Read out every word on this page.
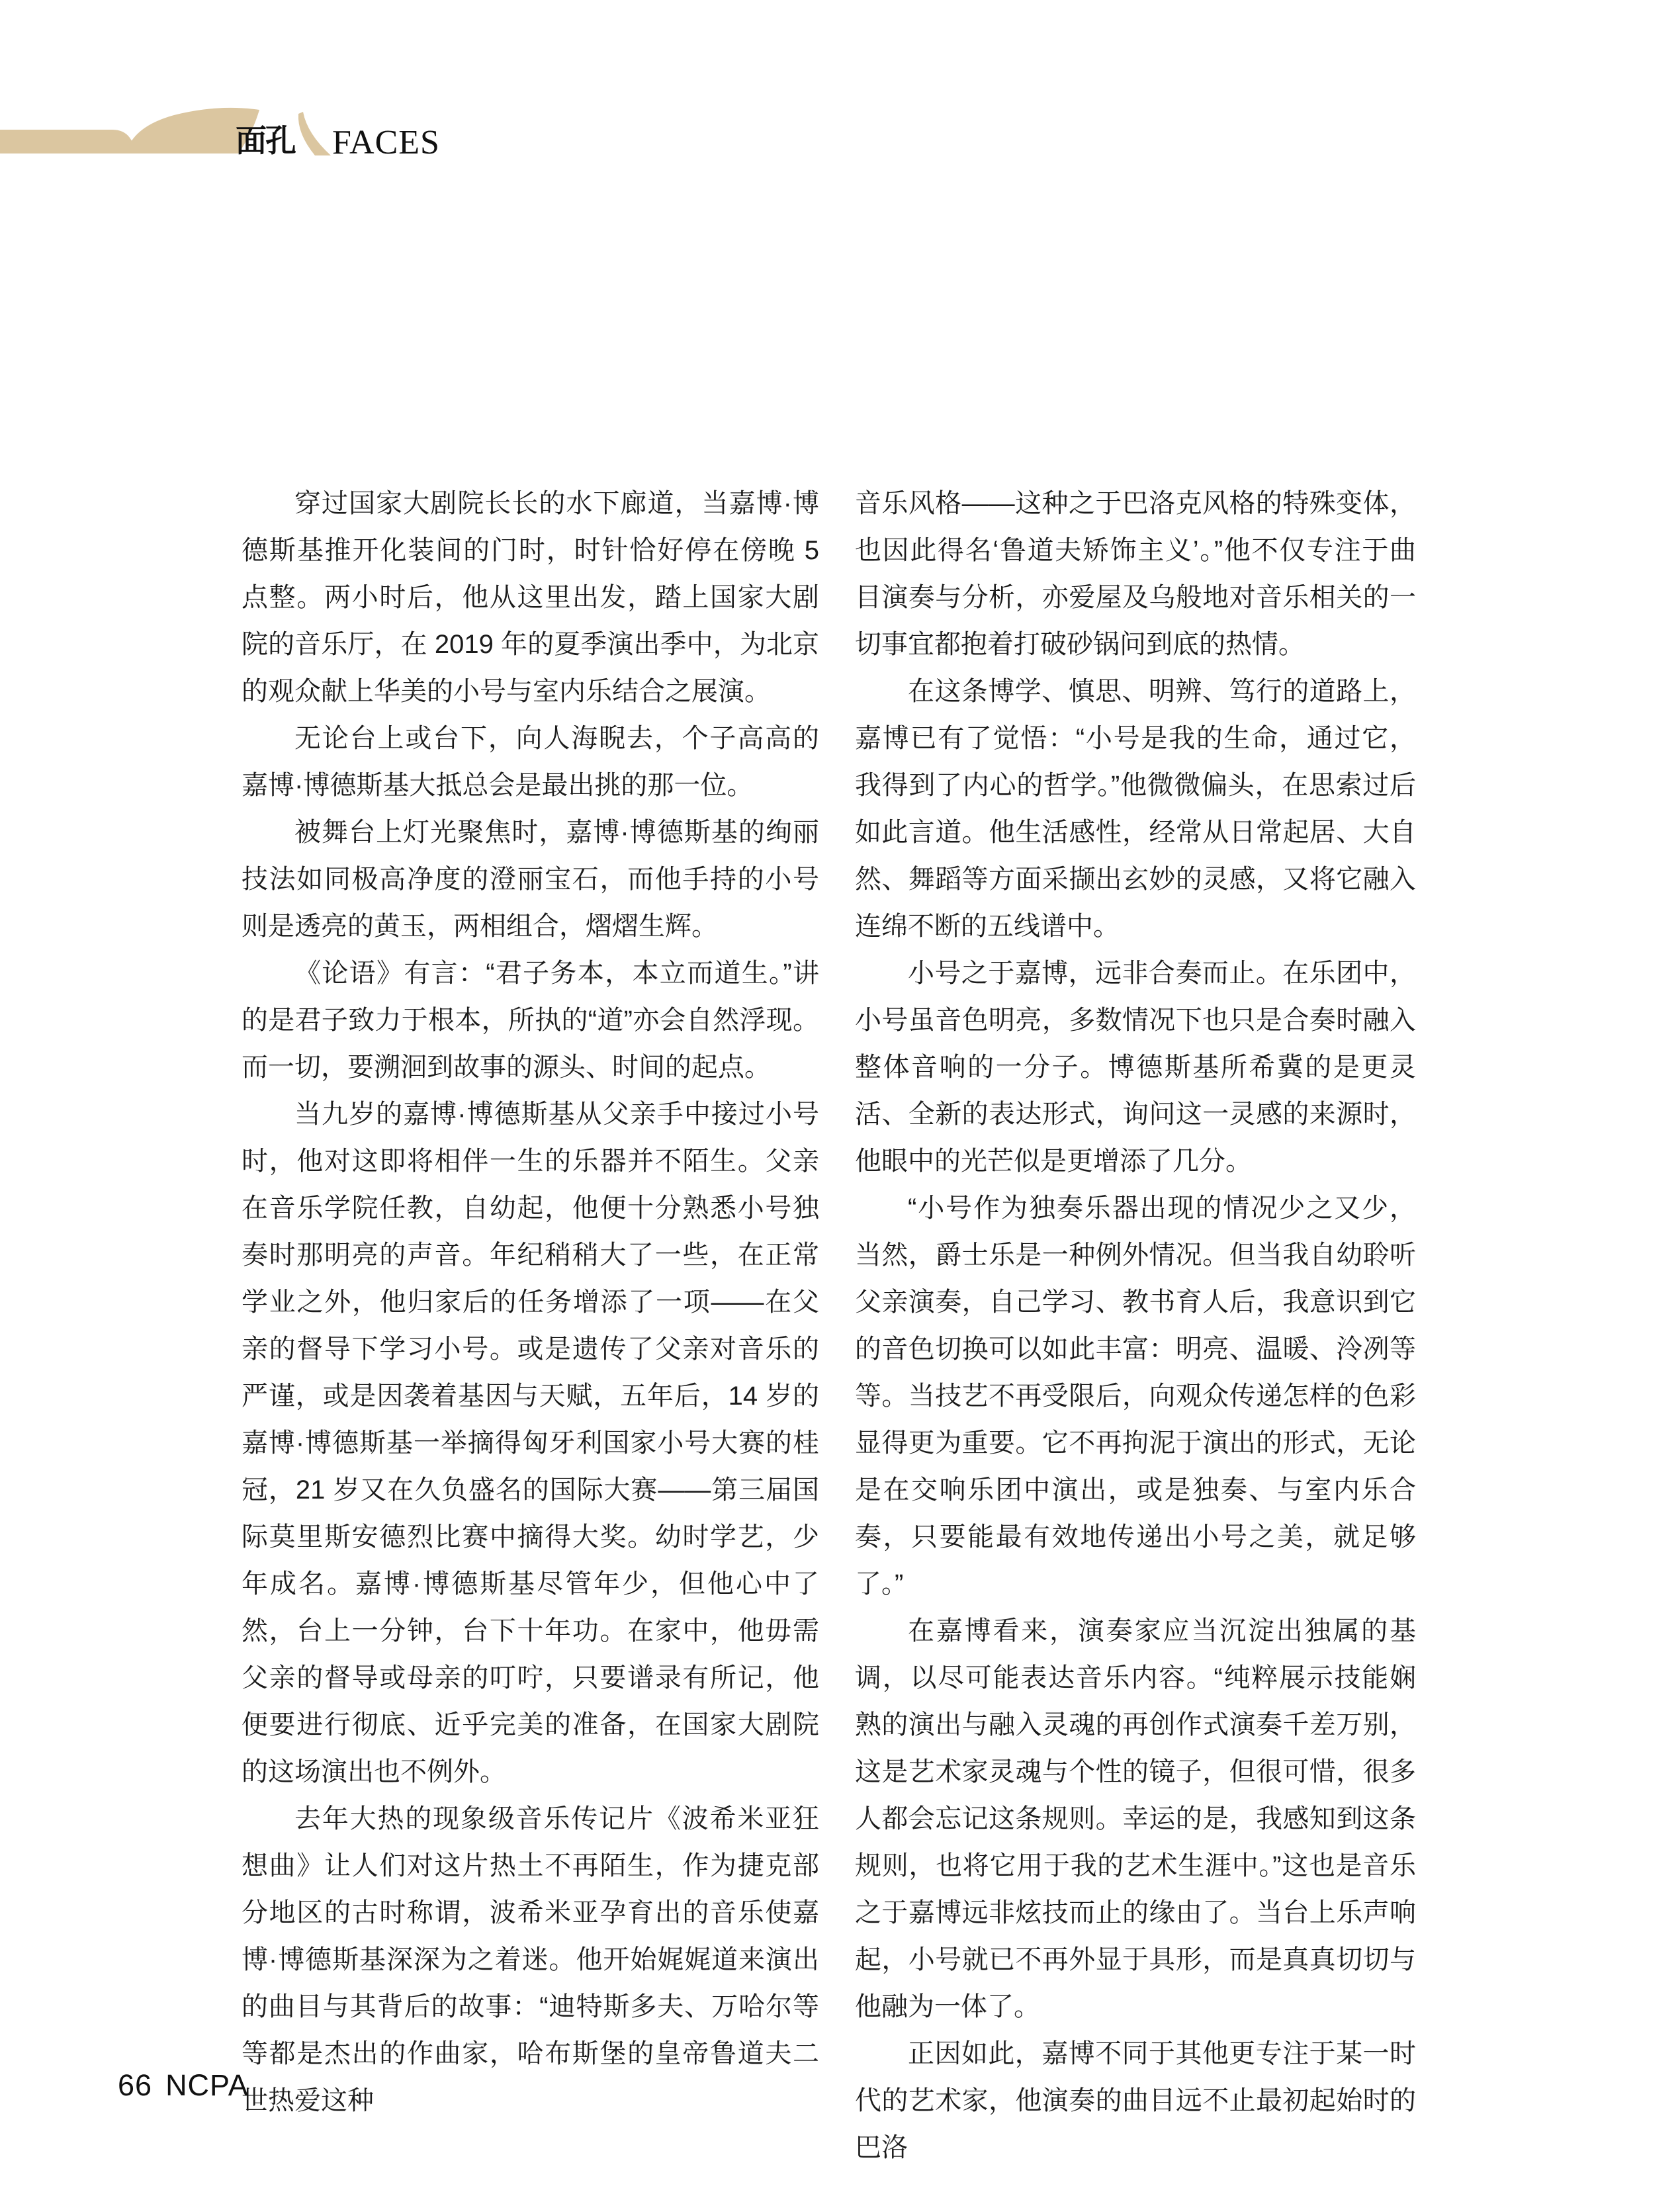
面孔 FACES

穿过国家大剧院长长的水下廊道，当嘉博·博德斯基推开化装间的门时，时针恰好停在傍晚 5 点整。两小时后，他从这里出发，踏上国家大剧院的音乐厅，在 2019 年的夏季演出季中，为北京的观众献上华美的小号与室内乐结合之展演。

无论台上或台下，向人海睨去，个子高高的嘉博·博德斯基大抵总会是最出挑的那一位。

被舞台上灯光聚焦时，嘉博·博德斯基的绚丽技法如同极高净度的澄丽宝石，而他手持的小号则是透亮的黄玉，两相组合，熠熠生辉。

《论语》有言：“君子务本，本立而道生。”讲的是君子致力于根本，所执的“道”亦会自然浮现。而一切，要溯洄到故事的源头、时间的起点。

当九岁的嘉博·博德斯基从父亲手中接过小号时，他对这即将相伴一生的乐器并不陌生。父亲在音乐学院任教，自幼起，他便十分熟悉小号独奏时那明亮的声音。年纪稍稍大了一些，在正常学业之外，他归家后的任务增添了一项——在父亲的督导下学习小号。或是遗传了父亲对音乐的严谨，或是因袭着基因与天赋，五年后，14 岁的嘉博·博德斯基一举摘得匈牙利国家小号大赛的桂冠，21 岁又在久负盛名的国际大赛——第三届国际莫里斯安德烈比赛中摘得大奖。幼时学艺，少年成名。嘉博·博德斯基尽管年少，但他心中了然，台上一分钟，台下十年功。在家中，他毋需父亲的督导或母亲的叮咛，只要谱录有所记，他便要进行彻底、近乎完美的准备，在国家大剧院的这场演出也不例外。

去年大热的现象级音乐传记片《波希米亚狂想曲》让人们对这片热土不再陌生，作为捷克部分地区的古时称谓，波希米亚孕育出的音乐使嘉博·博德斯基深深为之着迷。他开始娓娓道来演出的曲目与其背后的故事：“迪特斯多夫、万哈尔等等都是杰出的作曲家，哈布斯堡的皇帝鲁道夫二世热爱这种

音乐风格——这种之于巴洛克风格的特殊变体，也因此得名‘鲁道夫矫饰主义’。”他不仅专注于曲目演奏与分析，亦爱屋及乌般地对音乐相关的一切事宜都抱着打破砂锅问到底的热情。

在这条博学、慎思、明辨、笃行的道路上，嘉博已有了觉悟：“小号是我的生命，通过它，我得到了内心的哲学。”他微微偏头，在思索过后如此言道。他生活感性，经常从日常起居、大自然、舞蹈等方面采撷出玄妙的灵感，又将它融入连绵不断的五线谱中。

小号之于嘉博，远非合奏而止。在乐团中，小号虽音色明亮，多数情况下也只是合奏时融入整体音响的一分子。博德斯基所希冀的是更灵活、全新的表达形式，询问这一灵感的来源时，他眼中的光芒似是更增添了几分。

“小号作为独奏乐器出现的情况少之又少，当然，爵士乐是一种例外情况。但当我自幼聆听父亲演奏，自己学习、教书育人后，我意识到它的音色切换可以如此丰富：明亮、温暖、泠冽等等。当技艺不再受限后，向观众传递怎样的色彩显得更为重要。它不再拘泥于演出的形式，无论是在交响乐团中演出，或是独奏、与室内乐合奏，只要能最有效地传递出小号之美，就足够了。”

在嘉博看来，演奏家应当沉淀出独属的基调，以尽可能表达音乐内容。“纯粹展示技能娴熟的演出与融入灵魂的再创作式演奏千差万别，这是艺术家灵魂与个性的镜子，但很可惜，很多人都会忘记这条规则。幸运的是，我感知到这条规则，也将它用于我的艺术生涯中。”这也是音乐之于嘉博远非炫技而止的缘由了。当台上乐声响起，小号就已不再外显于具形，而是真真切切与他融为一体了。

正因如此，嘉博不同于其他更专注于某一时代的艺术家，他演奏的曲目远不止最初起始时的巴洛

66 NCPA
